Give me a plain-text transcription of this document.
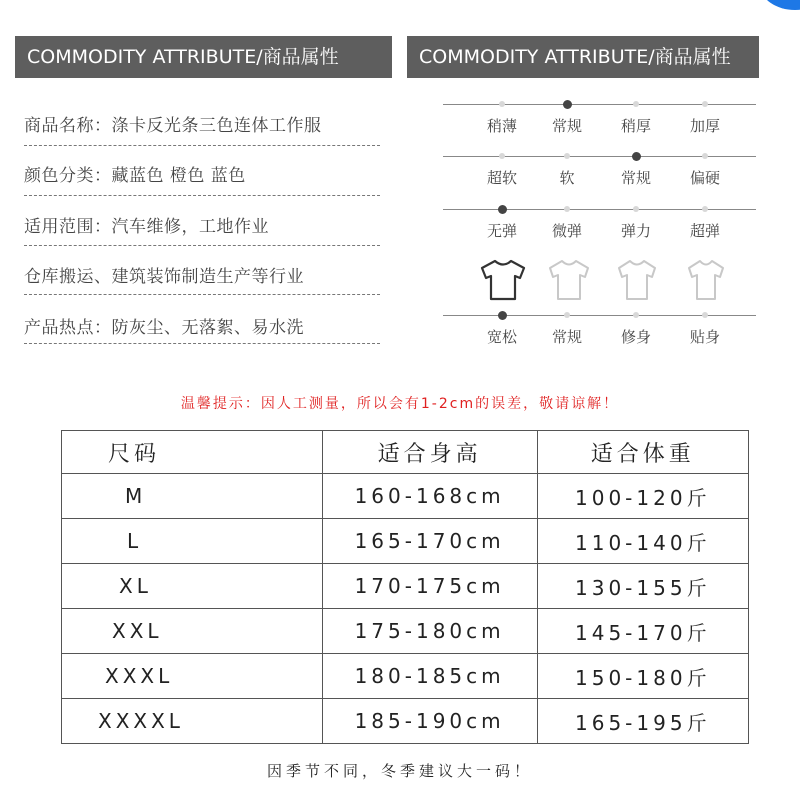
COMMODITY ATTRIBUTE/商品属性	COMMODITY ATTRIBUTE/商品属性
商品名称：涤卡反光条三色连体工作服
颜色分类：藏蓝色 橙色 蓝色
适用范围：汽车维修，工地作业
仓库搬运、建筑装饰制造生产等行业
产品热点：防灰尘、无落絮、易水洗
稍薄	常规	稍厚	加厚
超软	软	常规	偏硬
无弹	微弹	弹力	超弹
宽松	常规	修身	贴身
温馨提示：因人工测量，所以会有1-2cm的误差，敬请谅解！
尺码	适合身高	适合体重
M	160-168cm	100-120斤
L	165-170cm	110-140斤
XL	170-175cm	130-155斤
XXL	175-180cm	145-170斤
XXXL	180-185cm	150-180斤
XXXXL	185-190cm	165-195斤
因季节不同，冬季建议大一码！
